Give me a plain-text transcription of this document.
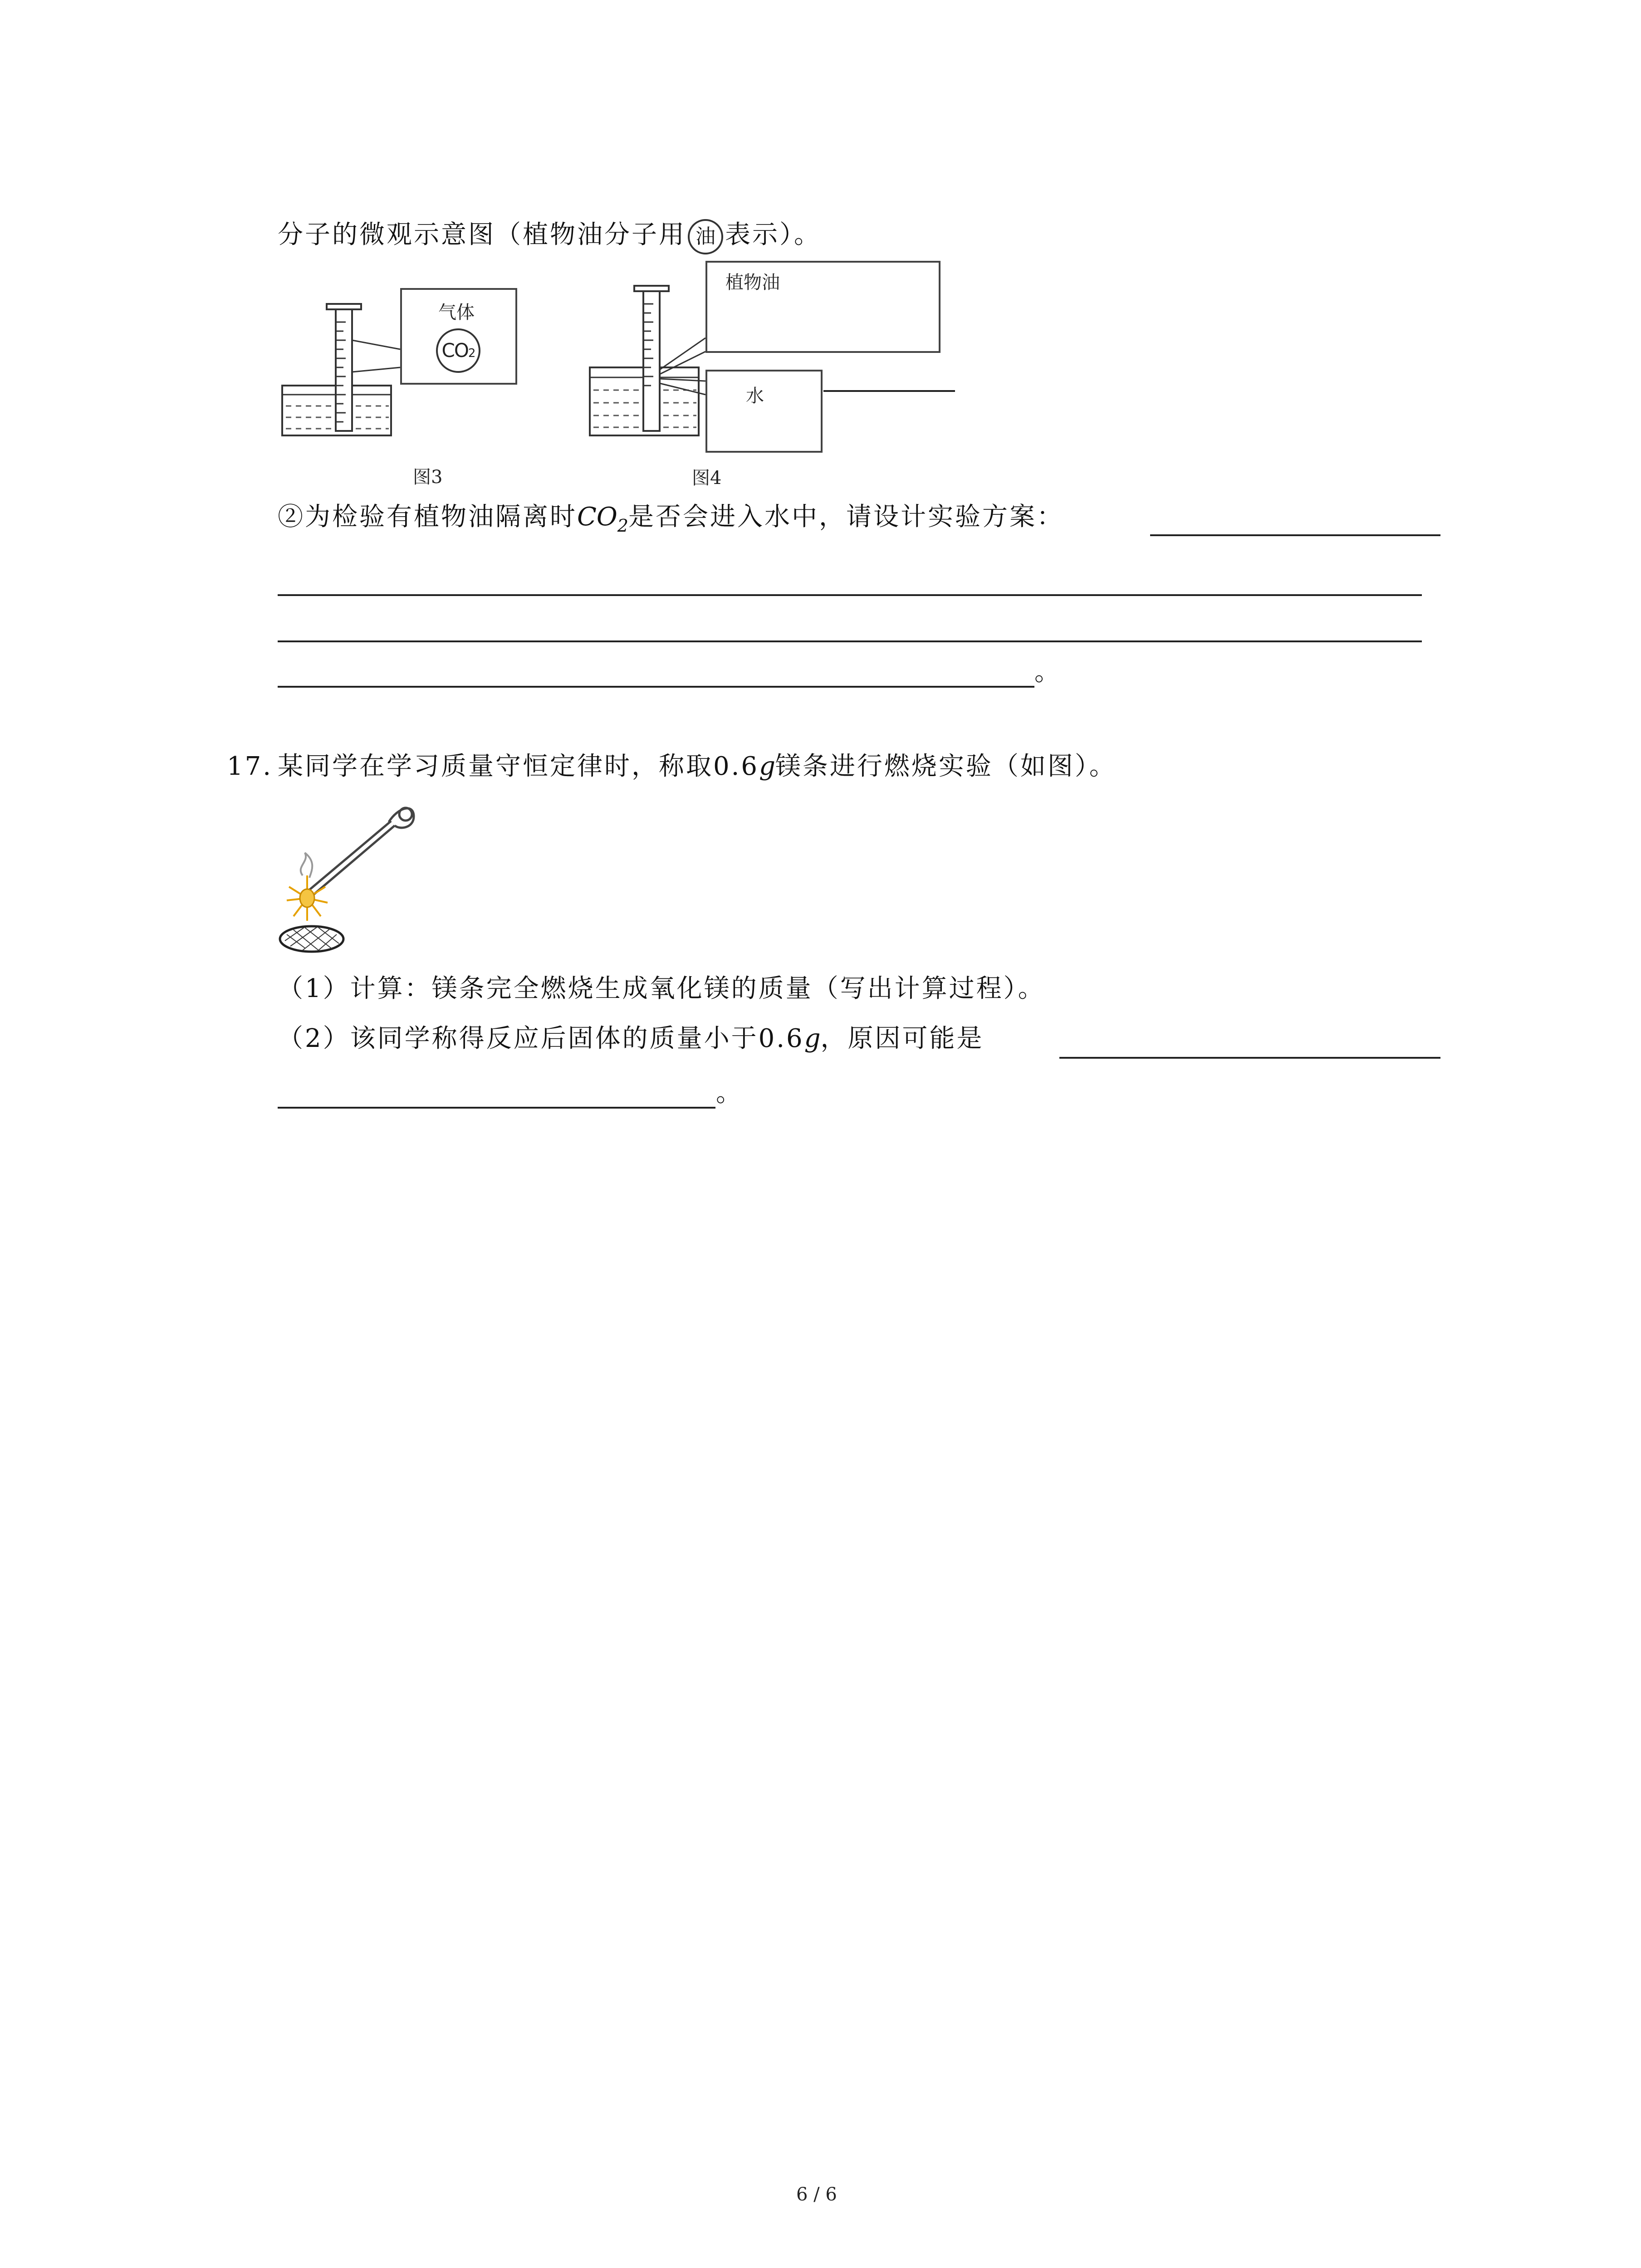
分子的微观示意图（植物油分子用 油 表示）。
气体
CO2
图3
植物油
水
图4
②为检验有植物油隔离时$CO_2$是否会进入水中，请设计实验方案：
。
17. 某同学在学习质量守恒定律时，称取0.6g镁条进行燃烧实验（如图）。
（1）计算：镁条完全燃烧生成氧化镁的质量（写出计算过程）。
（2）该同学称得反应后固体的质量小于0.6g，原因可能是
。
6 / 6
